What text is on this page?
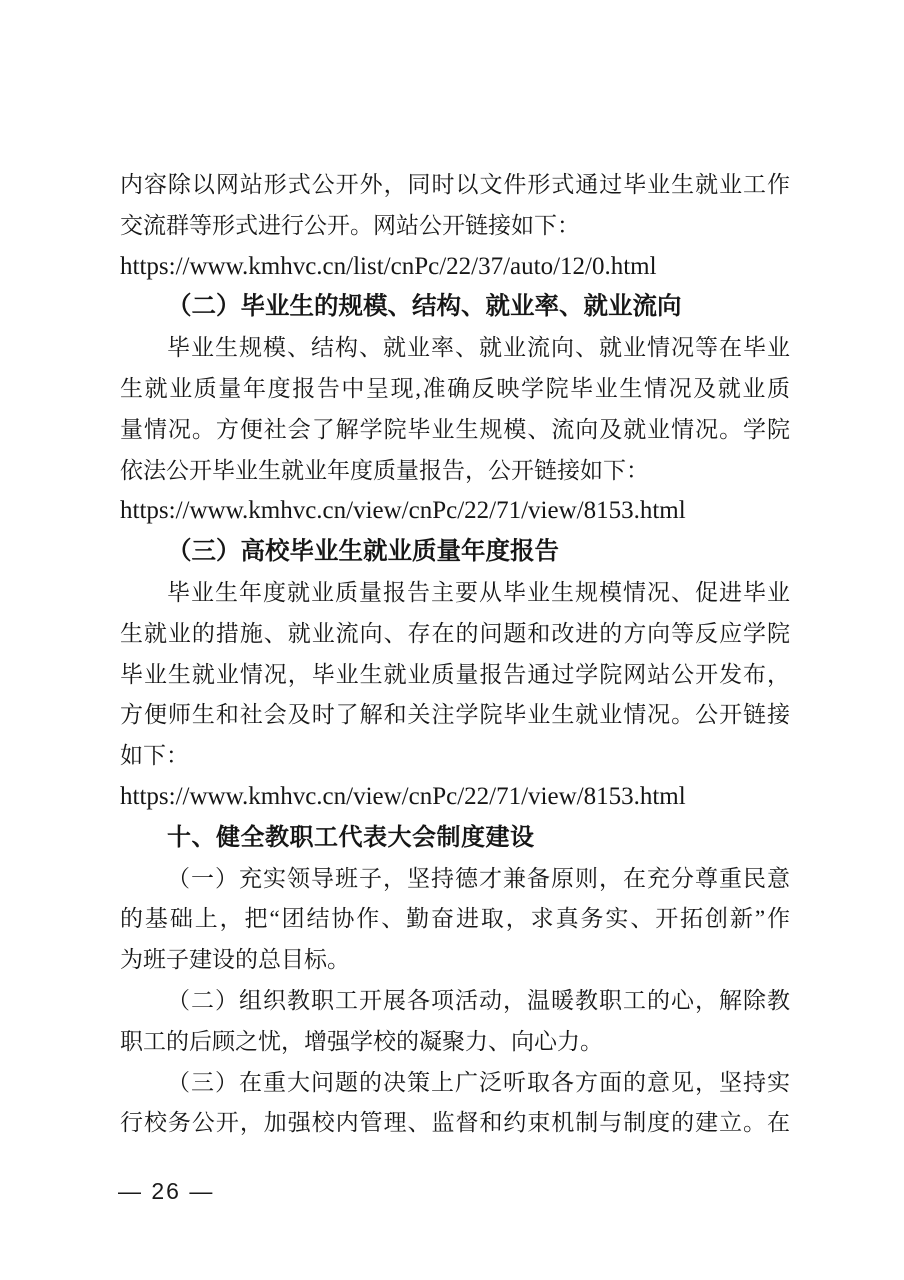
内容除以网站形式公开外，同时以文件形式通过毕业生就业工作
交流群等形式进行公开。网站公开链接如下：
https://www.kmhvc.cn/list/cnPc/22/37/auto/12/0.html
（二）毕业生的规模、结构、就业率、就业流向
毕业生规模、结构、就业率、就业流向、就业情况等在毕业
生就业质量年度报告中呈现,准确反映学院毕业生情况及就业质
量情况。方便社会了解学院毕业生规模、流向及就业情况。学院
依法公开毕业生就业年度质量报告，公开链接如下：
https://www.kmhvc.cn/view/cnPc/22/71/view/8153.html
（三）高校毕业生就业质量年度报告
毕业生年度就业质量报告主要从毕业生规模情况、促进毕业
生就业的措施、就业流向、存在的问题和改进的方向等反应学院
毕业生就业情况，毕业生就业质量报告通过学院网站公开发布，
方便师生和社会及时了解和关注学院毕业生就业情况。公开链接
如下：
https://www.kmhvc.cn/view/cnPc/22/71/view/8153.html
十、健全教职工代表大会制度建设
（一）充实领导班子，坚持德才兼备原则，在充分尊重民意
的基础上，把“团结协作、勤奋进取，求真务实、开拓创新”作
为班子建设的总目标。
（二）组织教职工开展各项活动，温暖教职工的心，解除教
职工的后顾之忧，增强学校的凝聚力、向心力。
（三）在重大问题的决策上广泛听取各方面的意见，坚持实
行校务公开，加强校内管理、监督和约束机制与制度的建立。在
— 26 —
